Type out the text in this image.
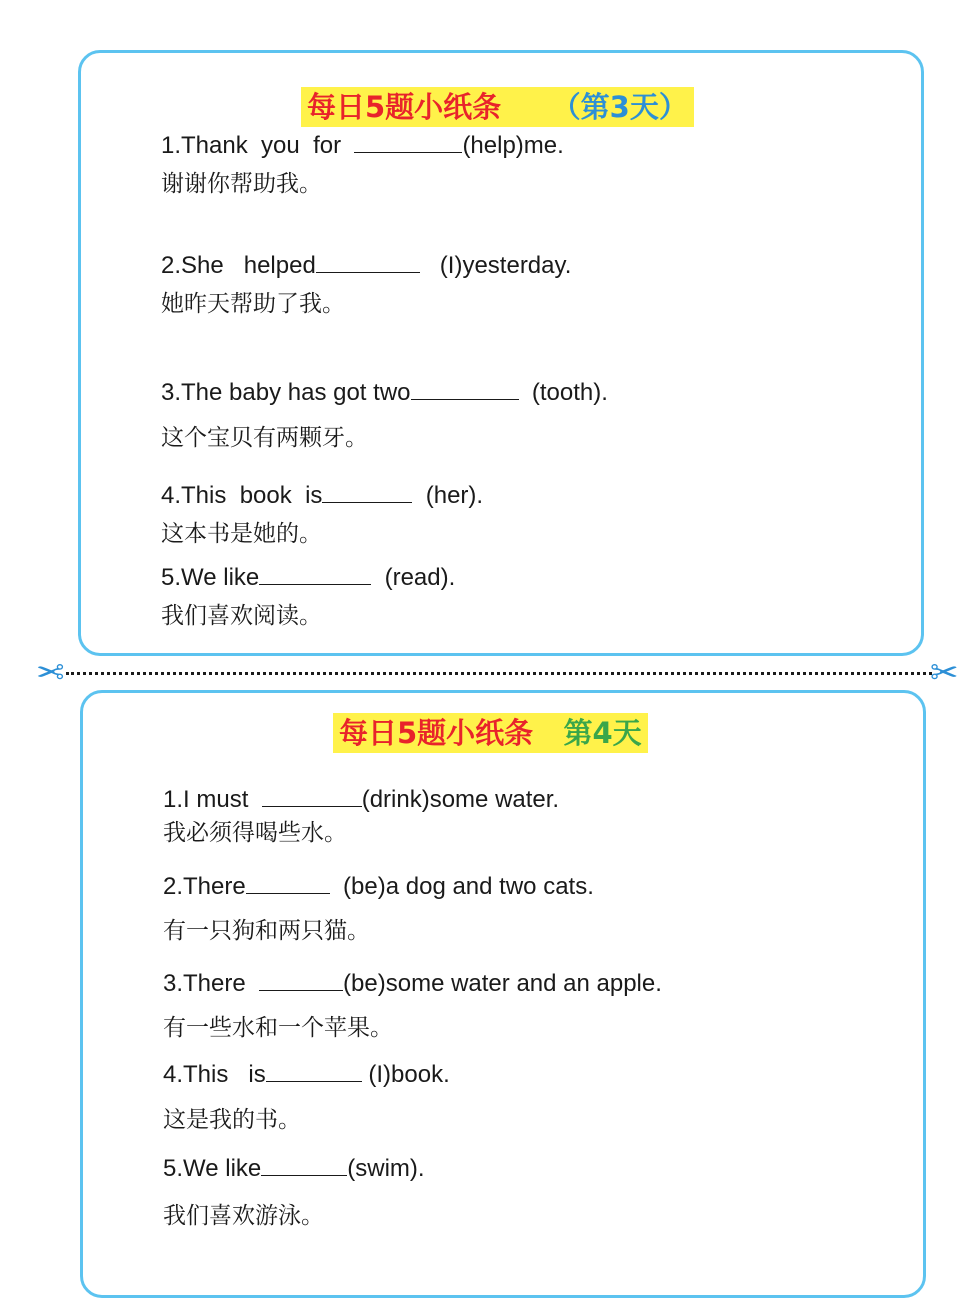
每日5题小纸条 （第3天）
1.Thank  you  for	(help)me.
谢谢你帮助我。
2.She   helped	(I)yesterday.
她昨天帮助了我。
3.The baby has got two	(tooth).
这个宝贝有两颗牙。
4.This  book  is	(her).
这本书是她的。
5.We like	(read).
我们喜欢阅读。
✂	✂
每日5题小纸条 第4天
1.I must	(drink)some water.
我必须得喝些水。
2.There	(be)a dog and two cats.
有一只狗和两只猫。
3.There	(be)some water and an apple.
有一些水和一个苹果。
4.This   is	(I)book.
这是我的书。
5.We like	(swim).
我们喜欢游泳。
